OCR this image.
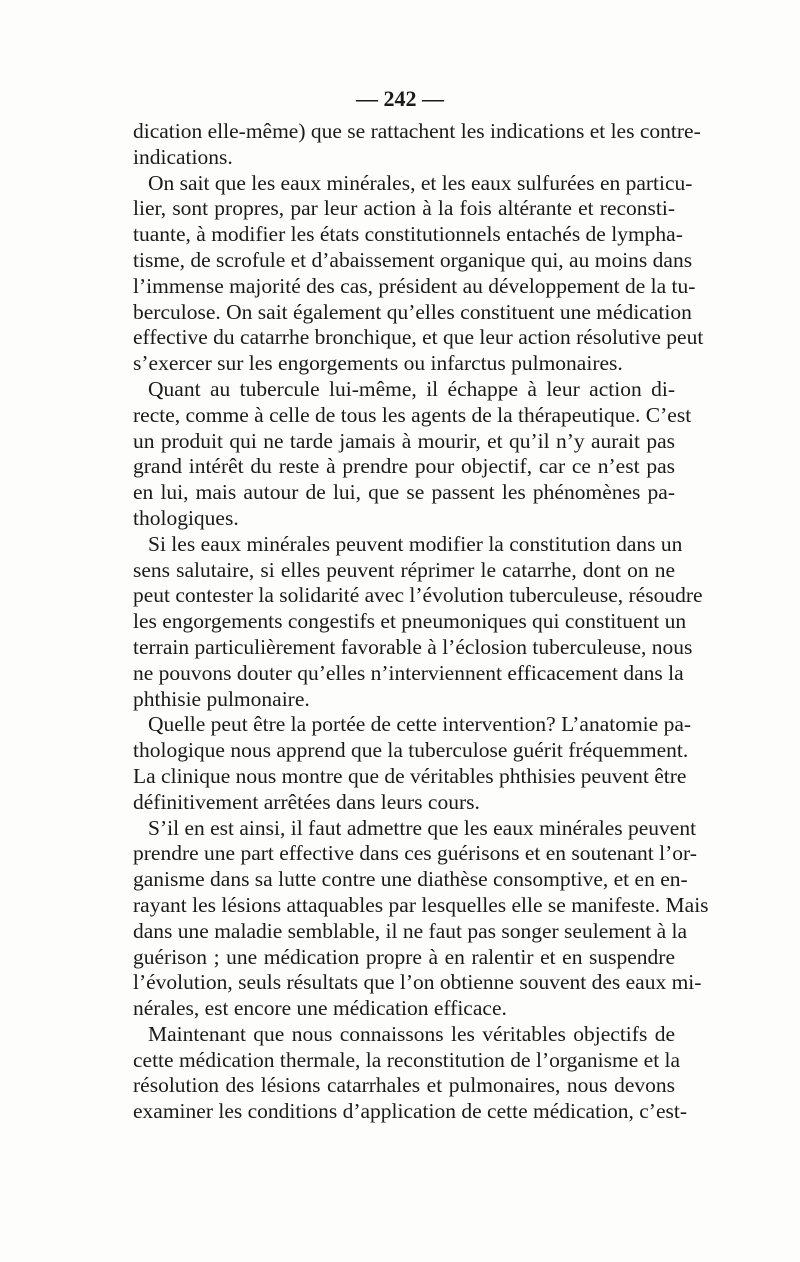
— 242 —
dication elle-même) que se rattachent les indications et les contre-
indications.
On sait que les eaux minérales, et les eaux sulfurées en particu-
lier, sont propres, par leur action à la fois altérante et reconsti-
tuante, à modifier les états constitutionnels entachés de lympha-
tisme, de scrofule et d’abaissement organique qui, au moins dans
l’immense majorité des cas, président au développement de la tu-
berculose. On sait également qu’elles constituent une médication
effective du catarrhe bronchique, et que leur action résolutive peut
s’exercer sur les engorgements ou infarctus pulmonaires.
Quant au tubercule lui-même, il échappe à leur action di-
recte, comme à celle de tous les agents de la thérapeutique. C’est
un produit qui ne tarde jamais à mourir, et qu’il n’y aurait pas
grand intérêt du reste à prendre pour objectif, car ce n’est pas
en lui, mais autour de lui, que se passent les phénomènes pa-
thologiques.
Si les eaux minérales peuvent modifier la constitution dans un
sens salutaire, si elles peuvent réprimer le catarrhe, dont on ne
peut contester la solidarité avec l’évolution tuberculeuse, résoudre
les engorgements congestifs et pneumoniques qui constituent un
terrain particulièrement favorable à l’éclosion tuberculeuse, nous
ne pouvons douter qu’elles n’interviennent efficacement dans la
phthisie pulmonaire.
Quelle peut être la portée de cette intervention? L’anatomie pa-
thologique nous apprend que la tuberculose guérit fréquemment.
La clinique nous montre que de véritables phthisies peuvent être
définitivement arrêtées dans leurs cours.
S’il en est ainsi, il faut admettre que les eaux minérales peuvent
prendre une part effective dans ces guérisons et en soutenant l’or-
ganisme dans sa lutte contre une diathèse consomptive, et en en-
rayant les lésions attaquables par lesquelles elle se manifeste. Mais
dans une maladie semblable, il ne faut pas songer seulement à la
guérison ; une médication propre à en ralentir et en suspendre
l’évolution, seuls résultats que l’on obtienne souvent des eaux mi-
nérales, est encore une médication efficace.
Maintenant que nous connaissons les véritables objectifs de
cette médication thermale, la reconstitution de l’organisme et la
résolution des lésions catarrhales et pulmonaires, nous devons
examiner les conditions d’application de cette médication, c’est-
